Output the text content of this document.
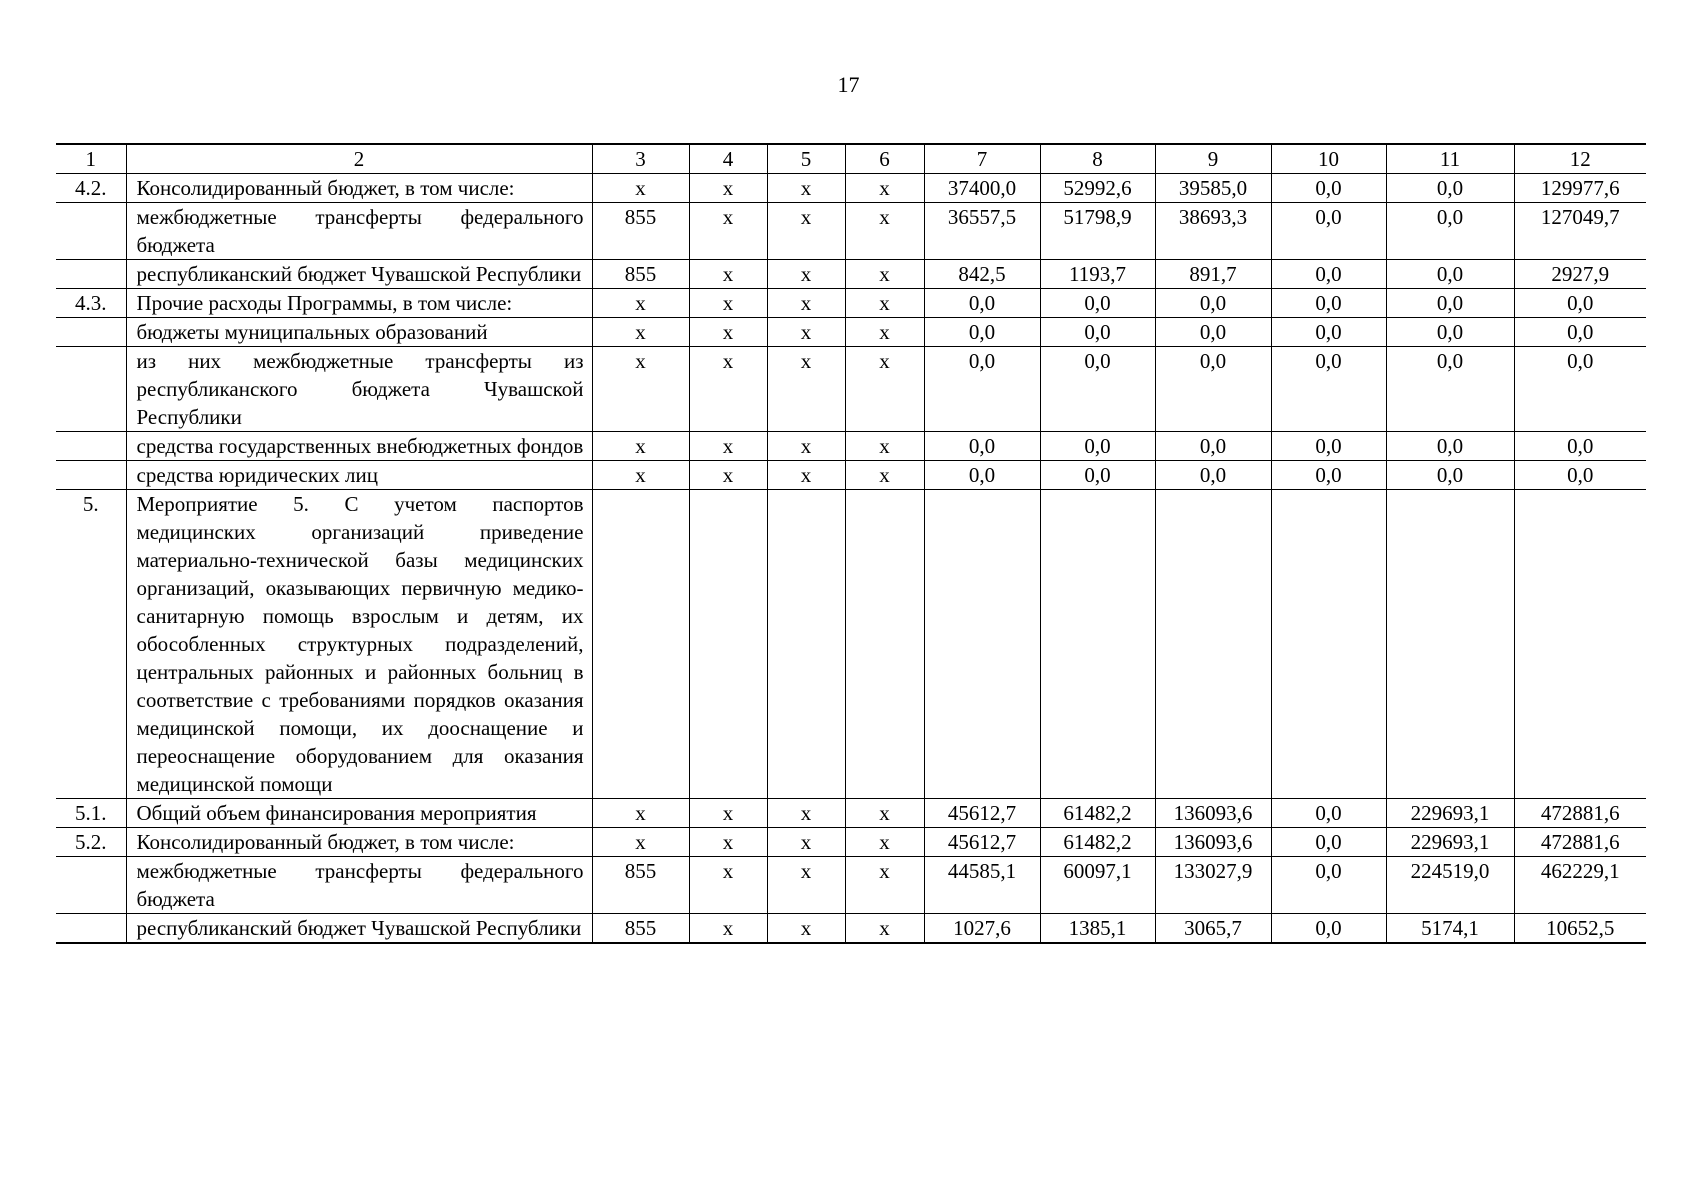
17
1	2	3	4	5	6	7	8	9	10	11	12
4.2.	Консолидированный бюджет, в том числе:	х	х	х	х	37400,0	52992,6	39585,0	0,0	0,0	129977,6
	межбюджетные трансферты федерального бюджета	855	х	х	х	36557,5	51798,9	38693,3	0,0	0,0	127049,7
	республиканский бюджет Чувашской Республики	855	х	х	х	842,5	1193,7	891,7	0,0	0,0	2927,9
4.3.	Прочие расходы Программы, в том числе:	х	х	х	х	0,0	0,0	0,0	0,0	0,0	0,0
	бюджеты муниципальных образований	х	х	х	х	0,0	0,0	0,0	0,0	0,0	0,0
	из них межбюджетные трансферты из республиканского бюджета Чувашской Республики	х	х	х	х	0,0	0,0	0,0	0,0	0,0	0,0
	средства государственных внебюджетных фондов	х	х	х	х	0,0	0,0	0,0	0,0	0,0	0,0
	средства юридических лиц	х	х	х	х	0,0	0,0	0,0	0,0	0,0	0,0
5.	Мероприятие 5. С учетом паспортов медицинских организаций приведение материально-технической базы медицинских организаций, оказывающих первичную медико-санитарную помощь взрослым и детям, их обособленных структурных подразделений, центральных районных и районных больниц в соответствие с требованиями порядков оказания медицинской помощи, их дооснащение и переоснащение оборудованием для оказания медицинской помощи										
5.1.	Общий объем финансирования мероприятия	х	х	х	х	45612,7	61482,2	136093,6	0,0	229693,1	472881,6
5.2.	Консолидированный бюджет, в том числе:	х	х	х	х	45612,7	61482,2	136093,6	0,0	229693,1	472881,6
	межбюджетные трансферты федерального бюджета	855	х	х	х	44585,1	60097,1	133027,9	0,0	224519,0	462229,1
	республиканский бюджет Чувашской Республики	855	х	х	х	1027,6	1385,1	3065,7	0,0	5174,1	10652,5
